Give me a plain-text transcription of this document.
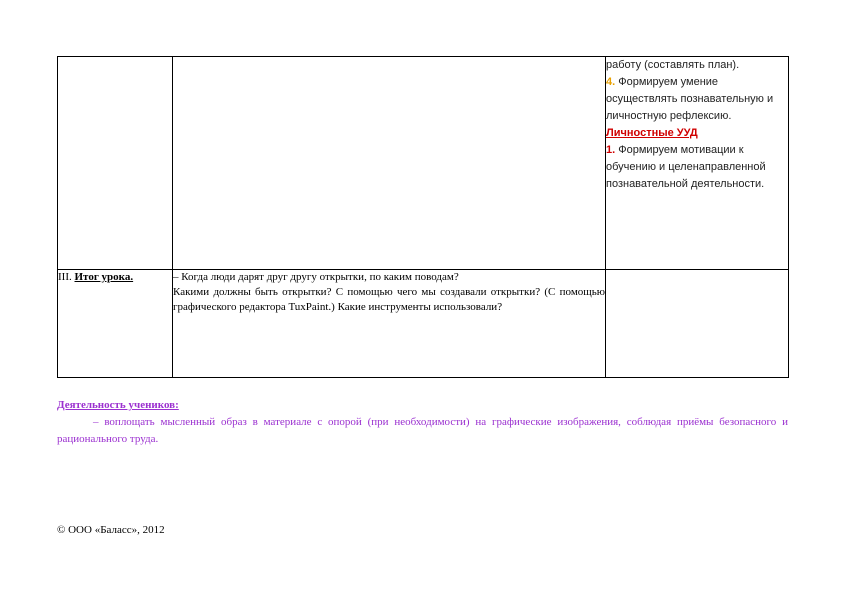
		работу (составлять план).
4. Формируем умение осуществлять познавательную и личностную рефлексию.
Личностные УУД
1. Формируем мотивации к обучению и целенаправленной познавательной деятельности.
III. Итог урока.	– Когда люди дарят друг другу открытки, по каким поводам?

Какими должны быть открытки? С помощью чего мы создавали открытки? (С помощью графического редактора TuxPaint.) Какие инструменты использовали?	

Деятельность учеников:
– воплощать мысленный образ в материале с опорой (при необходимости) на графические изображения, соблюдая приёмы безопасного и рационального труда.
© ООО «Баласс», 2012
